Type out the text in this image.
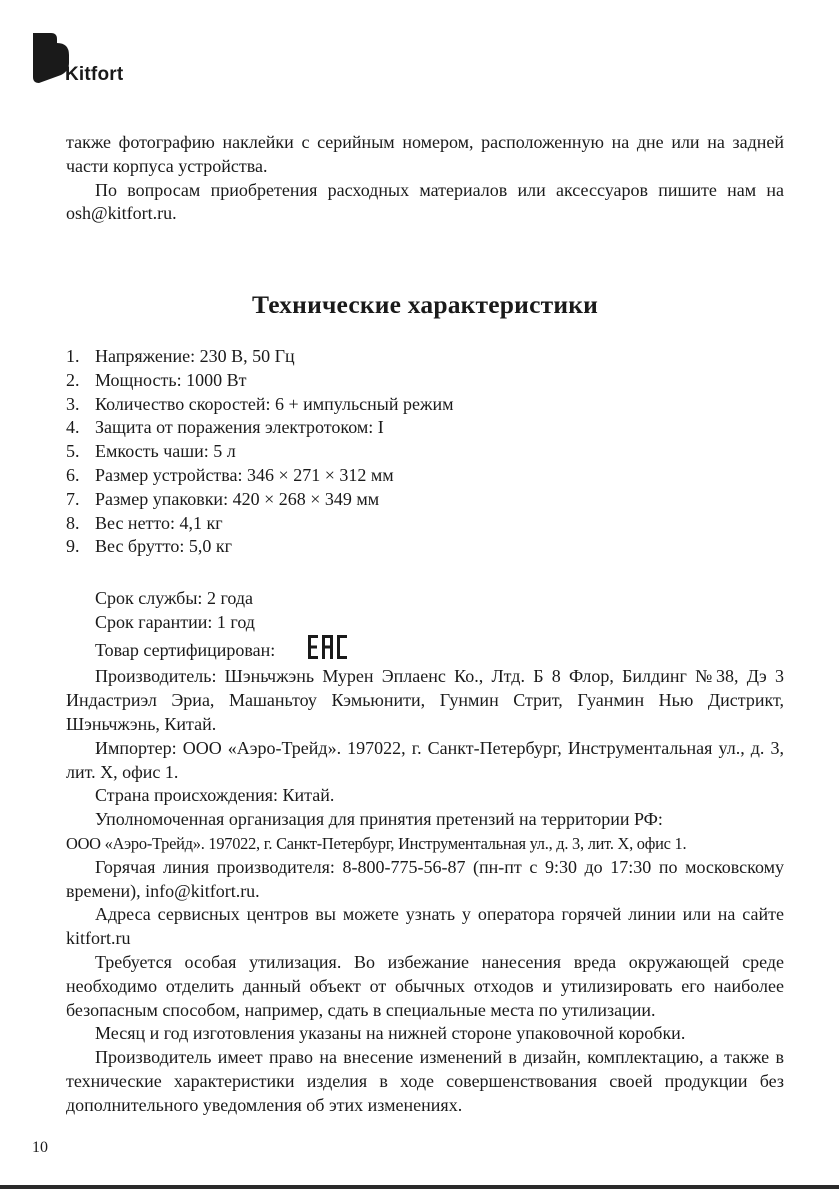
Kitfort

также фотографию наклейки с серийным номером, расположенную на дне или на задней части корпуса устройства.

По вопросам приобретения расходных материалов или аксессуаров пишите нам на osh@kitfort.ru.

Технические характеристики
1. Напряжение: 230 В, 50 Гц
2. Мощность: 1000 Вт
3. Количество скоростей: 6 + импульсный режим
4. Защита от поражения электротоком: I
5. Емкость чаши: 5 л
6. Размер устройства: 346 × 271 × 312 мм
7. Размер упаковки: 420 × 268 × 349 мм
8. Вес нетто: 4,1 кг
9. Вес брутто: 5,0 кг

Срок службы: 2 года

Срок гарантии: 1 год

Товар сертифицирован:

Производитель: Шэньчжэнь Мурен Эплаенс Ко., Лтд. Б 8 Флор, Билдинг №38, Дэ 3 Индастриэл Эриа, Машаньтоу Кэмьюнити, Гунмин Стрит, Гуанмин Нью Дистрикт, Шэньчжэнь, Китай.

Импортер: ООО «Аэро-Трейд». 197022, г. Санкт-Петербург, Инструментальная ул., д. 3, лит. Х, офис 1.

Страна происхождения: Китай.

Уполномоченная организация для принятия претензий на территории РФ:

ООО «Аэро-Трейд». 197022, г. Санкт-Петербург, Инструментальная ул., д. 3, лит. Х, офис 1.

Горячая линия производителя: 8-800-775-56-87 (пн-пт с 9:30 до 17:30 по московскому времени), info@kitfort.ru.

Адреса сервисных центров вы можете узнать у оператора горячей линии или на сайте kitfort.ru

Требуется особая утилизация. Во избежание нанесения вреда окружающей среде необходимо отделить данный объект от обычных отходов и утилизировать его наиболее безопасным способом, например, сдать в специальные места по утилизации.

Месяц и год изготовления указаны на нижней стороне упаковочной коробки.

Производитель имеет право на внесение изменений в дизайн, комплектацию, а также в технические характеристики изделия в ходе совершенствования своей продукции без дополнительного уведомления об этих изменениях.

10
